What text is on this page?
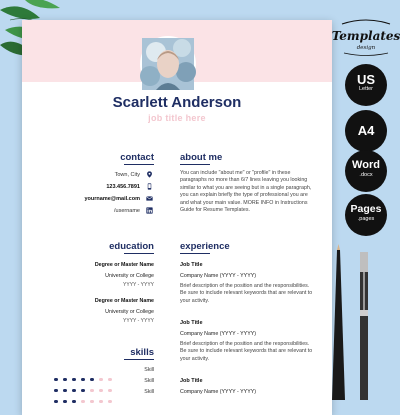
Scarlett Anderson
job title here
contact
Town, City
123.456.7891
yourname@mail.com
/username
about me
You can include "about me" or "profile" in these paragraphs no more than 6/7 lines leaving you looking similar to what you are seeing but in a single paragraph, you can explain briefly the type of professional you are and what your main value. MORE INFO in Instructions Guide for Resume Templates.
education
Degree or Master Name
University or College
YYYY - YYYY
Degree or Master Name
University or College
YYYY - YYYY
experience
Job Title
Company Name (YYYY - YYYY)
Brief description of the position and the responsibilities. Be sure to include relevant keywords that are relevant to your activity.
Job Title
Company Name (YYYY - YYYY)
Brief description of the position and the responsibilities. Be sure to include relevant keywords that are relevant to your activity.
Job Title
Company Name (YYYY - YYYY)
skills
Skill
Skill
Skill
Templates
design
US
Letter
A4
Word
.docx
Pages
.pages
